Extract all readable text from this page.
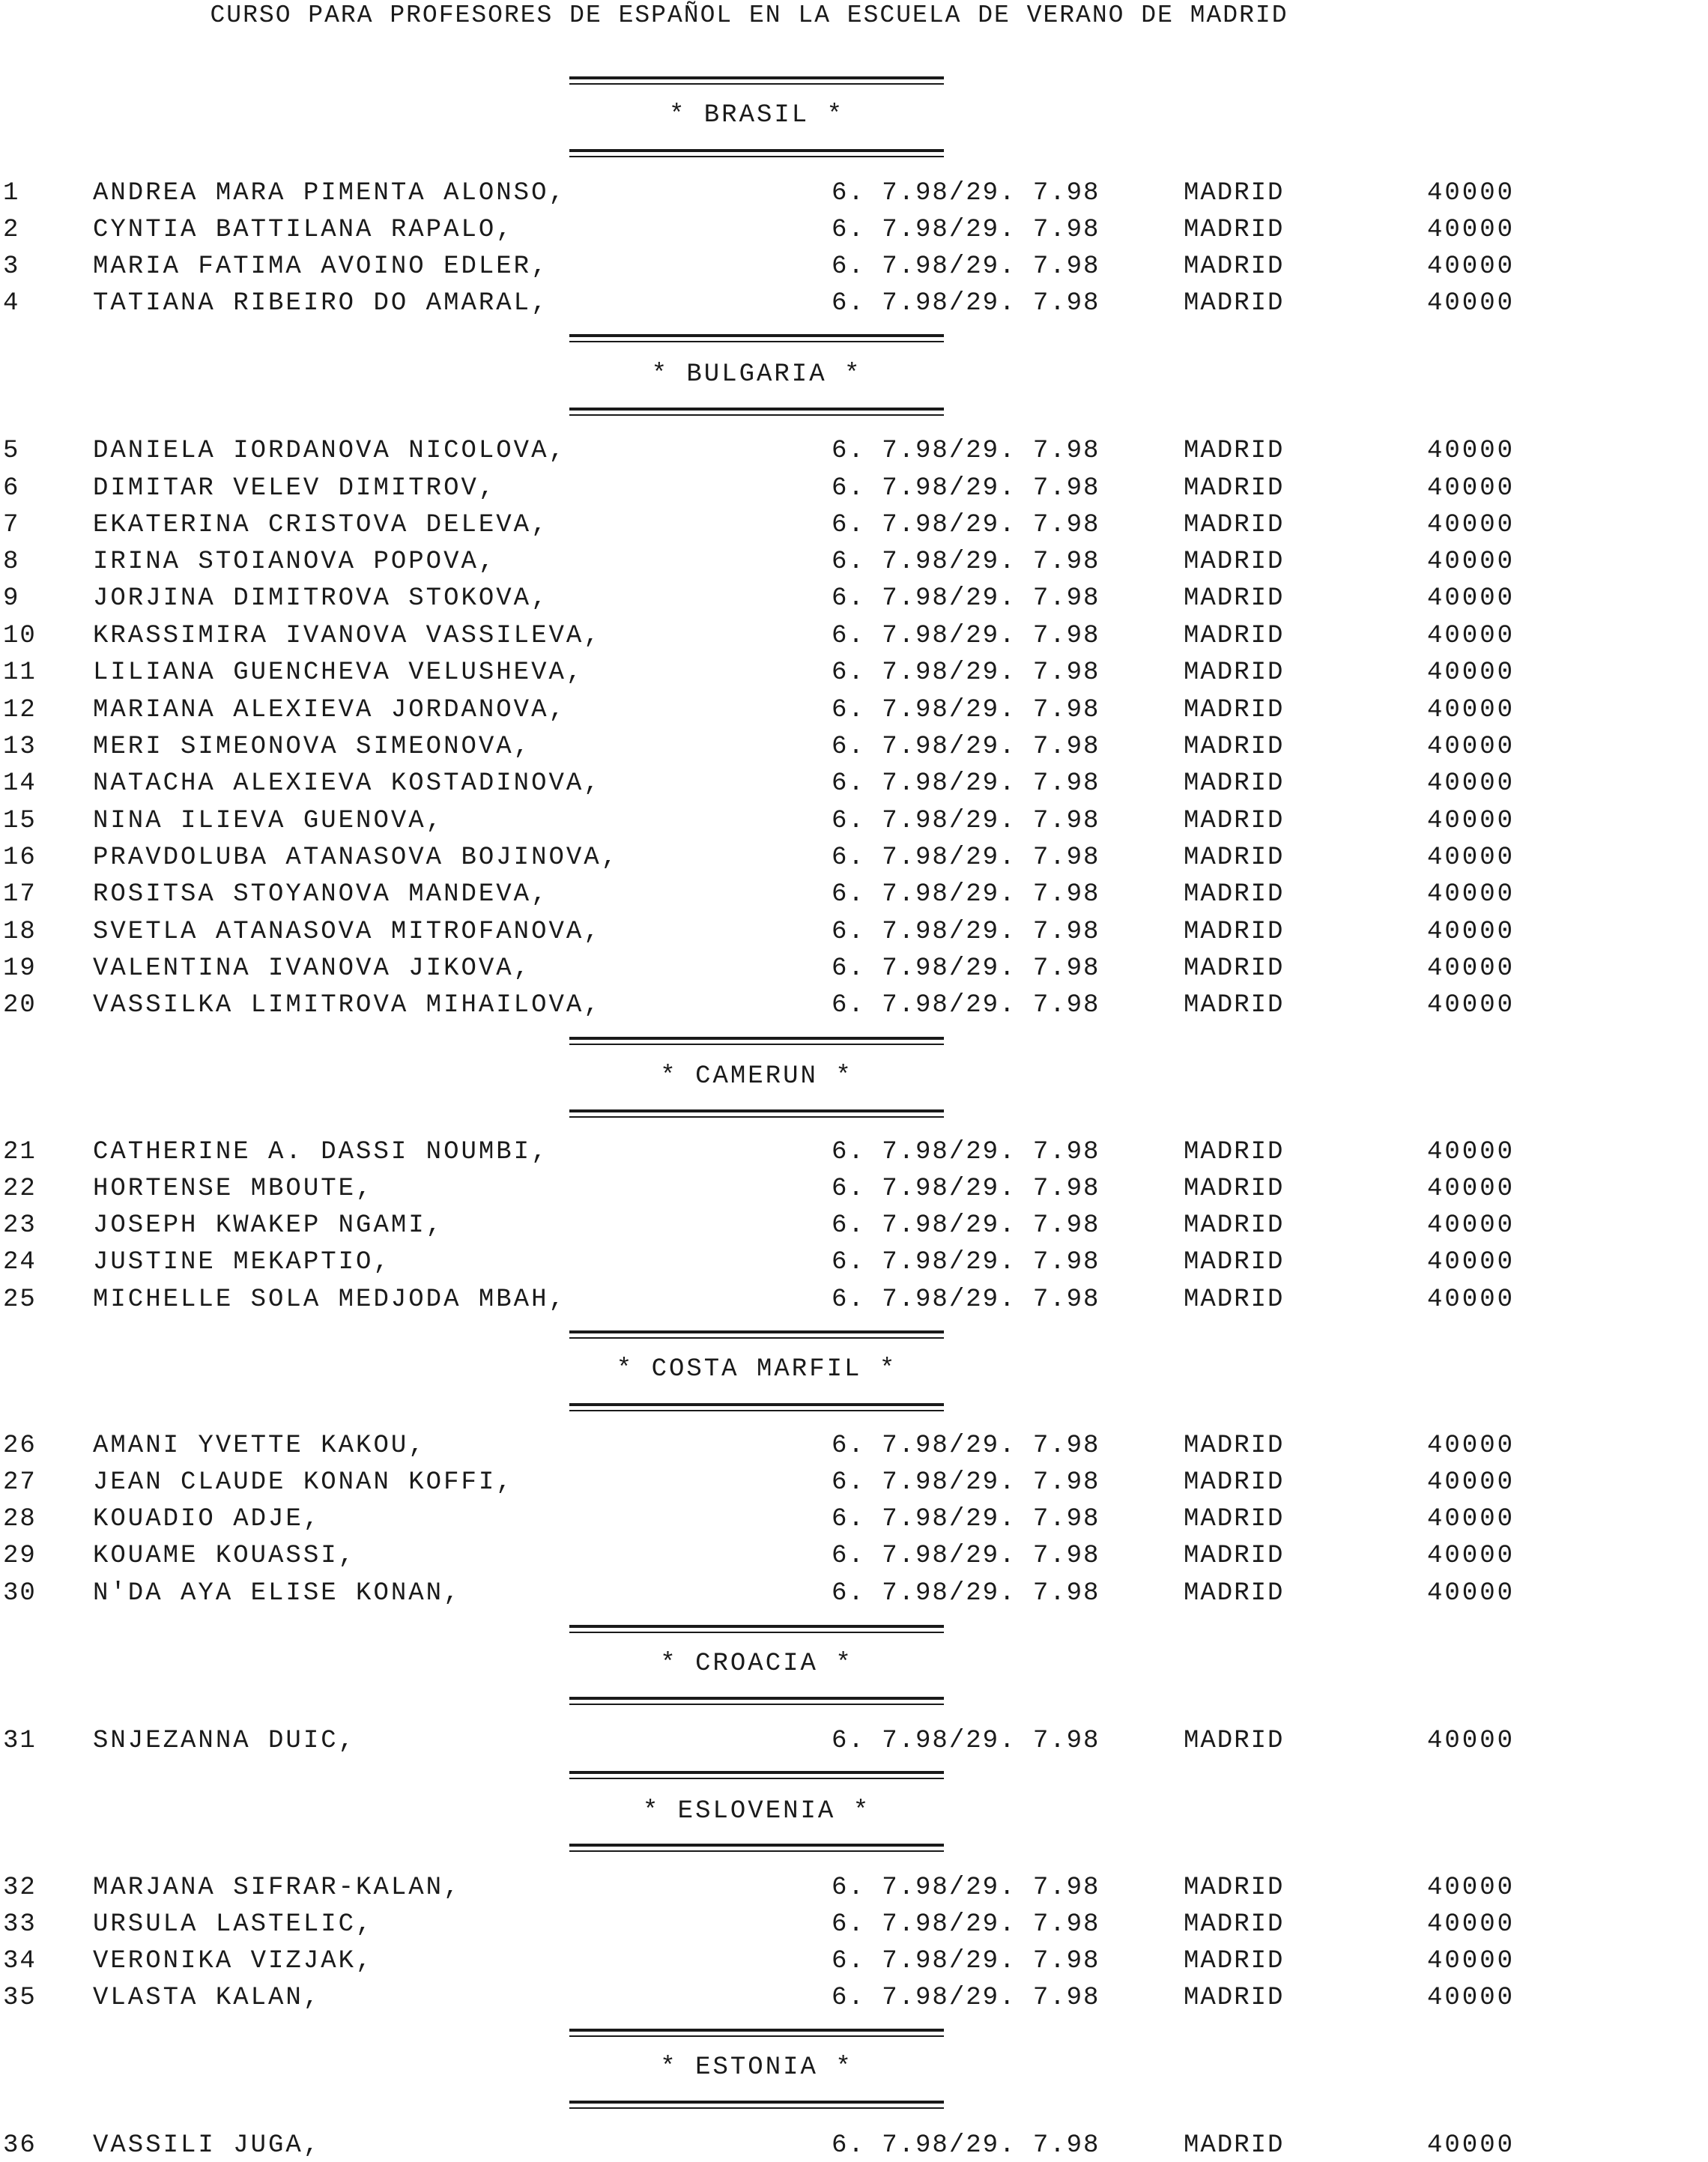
CURSO PARA PROFESORES DE ESPAÑOL EN LA ESCUELA DE VERANO DE MADRID
* BRASIL *
1	ANDREA MARA PIMENTA ALONSO,	6. 7.98/29. 7.98	MADRID	40000
2	CYNTIA BATTILANA RAPALO,	6. 7.98/29. 7.98	MADRID	40000
3	MARIA FATIMA AVOINO EDLER,	6. 7.98/29. 7.98	MADRID	40000
4	TATIANA RIBEIRO DO AMARAL,	6. 7.98/29. 7.98	MADRID	40000
* BULGARIA *
5	DANIELA IORDANOVA NICOLOVA,	6. 7.98/29. 7.98	MADRID	40000
6	DIMITAR VELEV DIMITROV,	6. 7.98/29. 7.98	MADRID	40000
7	EKATERINA CRISTOVA DELEVA,	6. 7.98/29. 7.98	MADRID	40000
8	IRINA STOIANOVA POPOVA,	6. 7.98/29. 7.98	MADRID	40000
9	JORJINA DIMITROVA STOKOVA,	6. 7.98/29. 7.98	MADRID	40000
10 KRASSIMIRA IVANOVA VASSILEVA,	6. 7.98/29. 7.98	MADRID	40000
11 LILIANA GUENCHEVA VELUSHEVA,	6. 7.98/29. 7.98	MADRID	40000
12 MARIANA ALEXIEVA JORDANOVA,	6. 7.98/29. 7.98	MADRID	40000
13 MERI SIMEONOVA SIMEONOVA,	6. 7.98/29. 7.98	MADRID	40000
14 NATACHA ALEXIEVA KOSTADINOVA,	6. 7.98/29. 7.98	MADRID	40000
15 NINA ILIEVA GUENOVA,	6. 7.98/29. 7.98	MADRID	40000
16 PRAVDOLUBA ATANASOVA BOJINOVA,	6. 7.98/29. 7.98	MADRID	40000
17 ROSITSA STOYANOVA MANDEVA,	6. 7.98/29. 7.98	MADRID	40000
18 SVETLA ATANASOVA MITROFANOVA,	6. 7.98/29. 7.98	MADRID	40000
19 VALENTINA IVANOVA JIKOVA,	6. 7.98/29. 7.98	MADRID	40000
20 VASSILKA LIMITROVA MIHAILOVA,	6. 7.98/29. 7.98	MADRID	40000
* CAMERUN *
21 CATHERINE A. DASSI NOUMBI,	6. 7.98/29. 7.98	MADRID	40000
22 HORTENSE MBOUTE,	6. 7.98/29. 7.98	MADRID	40000
23 JOSEPH KWAKEP NGAMI,	6. 7.98/29. 7.98	MADRID	40000
24 JUSTINE MEKAPTIO,	6. 7.98/29. 7.98	MADRID	40000
25 MICHELLE SOLA MEDJODA MBAH,	6. 7.98/29. 7.98	MADRID	40000
* COSTA MARFIL *
26 AMANI YVETTE KAKOU,	6. 7.98/29. 7.98	MADRID	40000
27 JEAN CLAUDE KONAN KOFFI,	6. 7.98/29. 7.98	MADRID	40000
28 KOUADIO ADJE,	6. 7.98/29. 7.98	MADRID	40000
29 KOUAME KOUASSI,	6. 7.98/29. 7.98	MADRID	40000
30 N'DA AYA ELISE KONAN,	6. 7.98/29. 7.98	MADRID	40000
* CROACIA *
31 SNJEZANNA DUIC,	6. 7.98/29. 7.98	MADRID	40000
* ESLOVENIA *
32 MARJANA SIFRAR-KALAN,	6. 7.98/29. 7.98	MADRID	40000
33 URSULA LASTELIC,	6. 7.98/29. 7.98	MADRID	40000
34 VERONIKA VIZJAK,	6. 7.98/29. 7.98	MADRID	40000
35 VLASTA KALAN,	6. 7.98/29. 7.98	MADRID	40000
* ESTONIA *
36 VASSILI JUGA,	6. 7.98/29. 7.98	MADRID	40000
